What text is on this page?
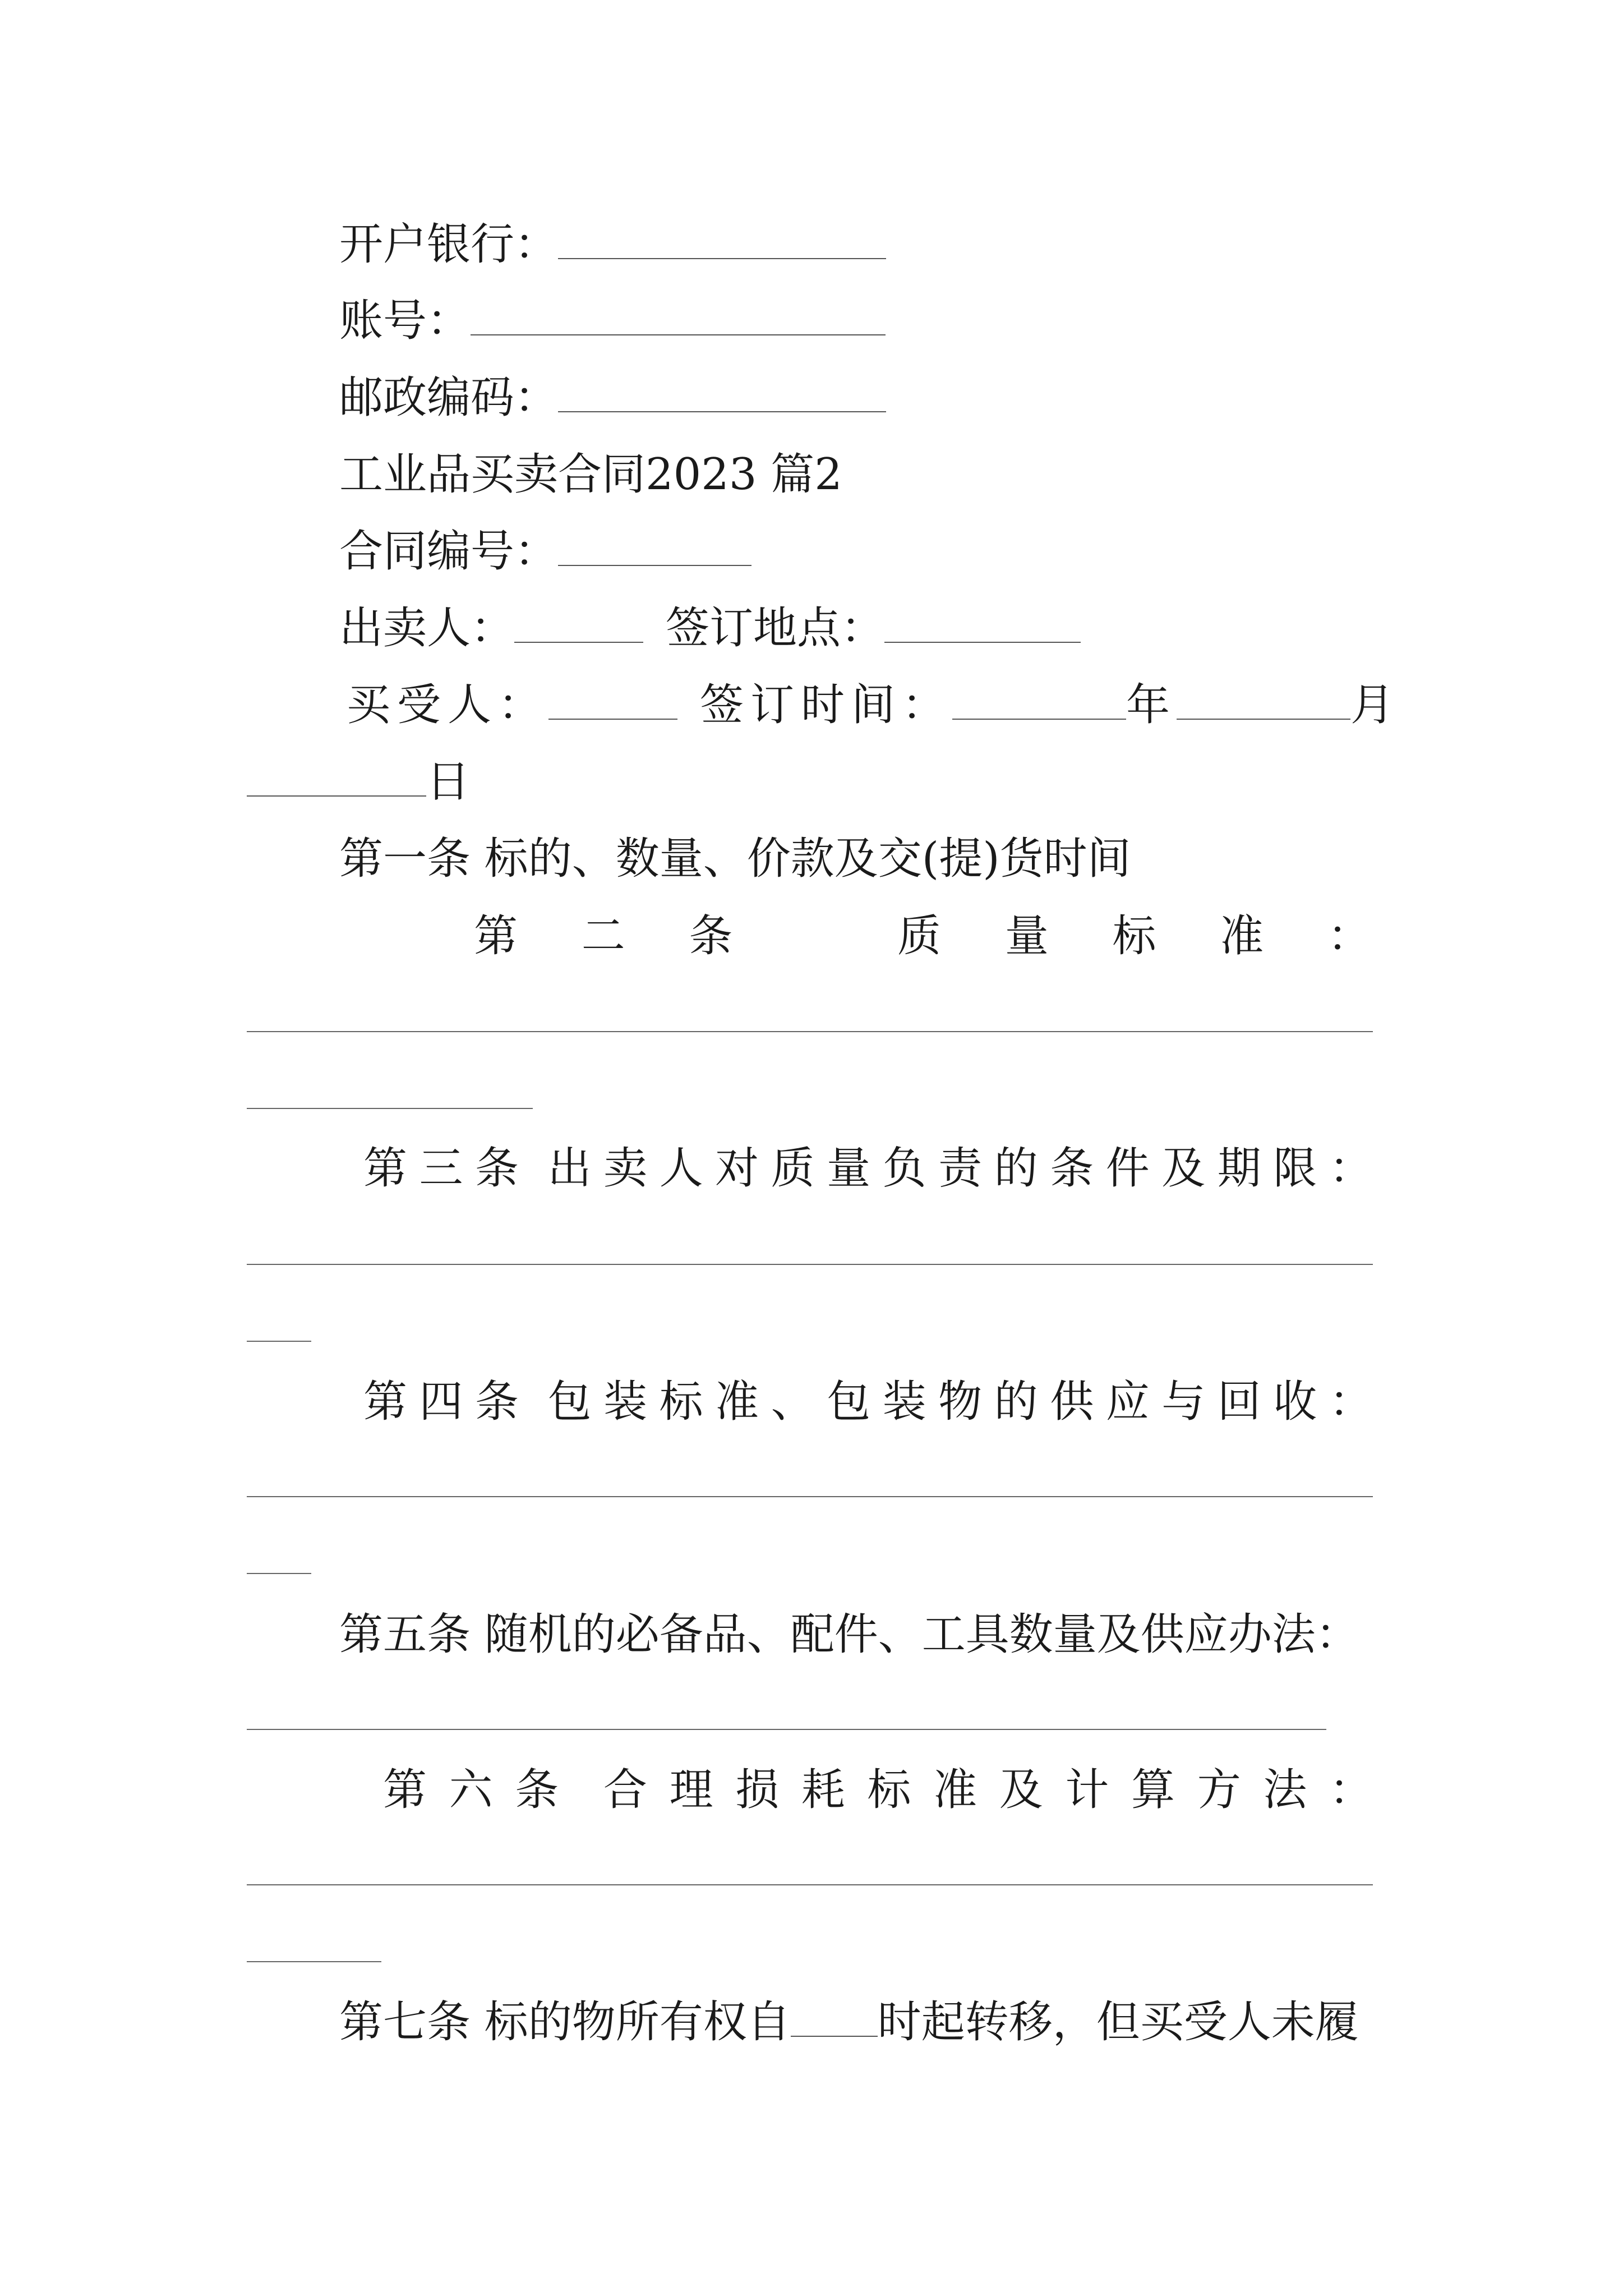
开户银行：
账号：
邮政编码：
工业品买卖合同2023 篇2
合同编号：
出卖人：	签订地点：
买受人：	签订时间：	年	月
日
第一条 标的、数量、价款及交(提)货时间
第 二 条	质 量 标 准 ：
第 三 条 出 卖 人 对 质 量 负 责 的 条 件 及 期 限 ：
第 四 条 包 装 标 准 、 包 装 物 的 供 应 与 回 收 ：
第五条 随机的必备品、配件、工具数量及供应办法：
第 六 条 合 理 损 耗 标 准 及 计 算 方 法 ：
第七条 标的物所有权自 时起转移，但买受人未履
